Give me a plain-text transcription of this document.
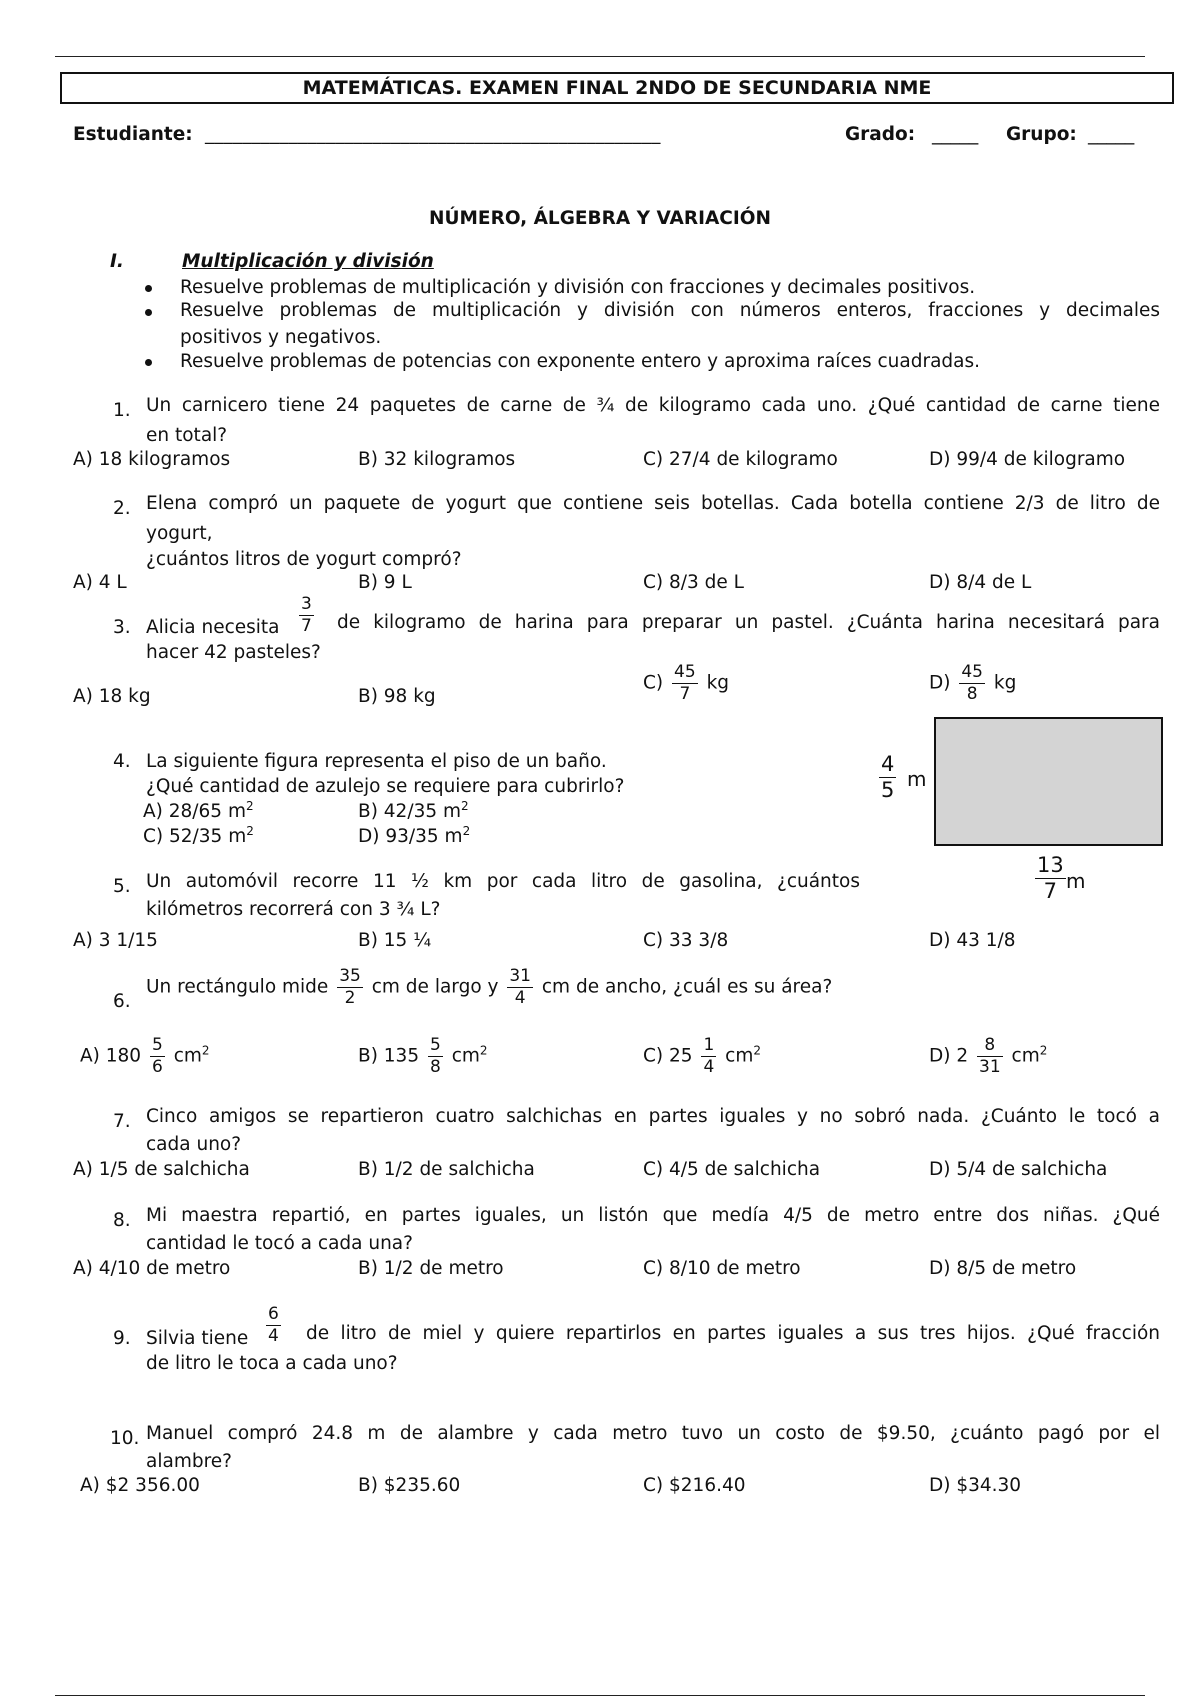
MATEMÁTICAS. EXAMEN FINAL 2NDO DE SECUNDARIA NME
Estudiante: _________________________________________________	Grado: _____ Grupo: _____
NÚMERO, ÁLGEBRA Y VARIACIÓN
I.	Multiplicación y división
Resuelve problemas de multiplicación y división con fracciones y decimales positivos.
Resuelve problemas de multiplicación y división con números enteros, fracciones y decimales
positivos y negativos.
Resuelve problemas de potencias con exponente entero y aproxima raíces cuadradas.
1. Un carnicero tiene 24 paquetes de carne de ¾ de kilogramo cada uno. ¿Qué cantidad de carne tiene
en total?
A) 18 kilogramos	B) 32 kilogramos	C) 27/4 de kilogramo	D) 99/4 de kilogramo
2. Elena compró un paquete de yogurt que contiene seis botellas. Cada botella contiene 2/3 de litro de
yogurt,
¿cuántos litros de yogurt compró?
A) 4 L	B) 9 L	C) 8/3 de L	D) 8/4 de L
3. Alicia necesita $\frac{3}{7}$ de kilogramo de harina para preparar un pastel. ¿Cuánta harina necesitará para
hacer 42 pasteles?
A) 18 kg	B) 98 kg
$C) \frac{45}{7}$ kg	$D) \frac{45}{8}$ kg
4. La siguiente figura representa el piso de un baño.
¿Qué cantidad de azulejo se requiere para cubrirlo?
A) 28/65 $m^2$	B) 42/35 $m^2$
C) 52/35 $m^2$	D) 93/35 $m^2$
$\frac{4}{5}$ m
$\frac{13}{7}$ m
5. Un automóvil recorre 11 ½ km por cada litro de gasolina, ¿cuántos
kilómetros recorrerá con 3 ¾ L?
A) 3 1/15	B) 15 ¼	C) 33 3/8	D) 43 1/8
6.
Un rectángulo mide $\frac{35}{2}$ cm de largo y $\frac{31}{4}$ cm de ancho, ¿cuál es su área?
A) $180 \frac{5}{6} cm^2$	B) $135 \frac{5}{8} cm^2$	C) $25 \frac{1}{4} cm^2$	D) $2 \frac{8}{31} cm^2$
7. Cinco amigos se repartieron cuatro salchichas en partes iguales y no sobró nada. ¿Cuánto le tocó a
cada uno?
A) 1/5 de salchicha	B) 1/2 de salchicha	C) 4/5 de salchicha	D) 5/4 de salchicha
8. Mi maestra repartió, en partes iguales, un listón que medía 4/5 de metro entre dos niñas. ¿Qué
cantidad le tocó a cada una?
A) 4/10 de metro	B) 1/2 de metro	C) 8/10 de metro	D) 8/5 de metro
9. Silvia tiene $\frac{6}{4}$ de litro de miel y quiere repartirlos en partes iguales a sus tres hijos. ¿Qué fracción
de litro le toca a cada uno?
10. Manuel compró 24.8 m de alambre y cada metro tuvo un costo de $9.50, ¿cuánto pagó por el
alambre?
A) $2 356.00	B) $235.60	C) $216.40	D) $34.30
